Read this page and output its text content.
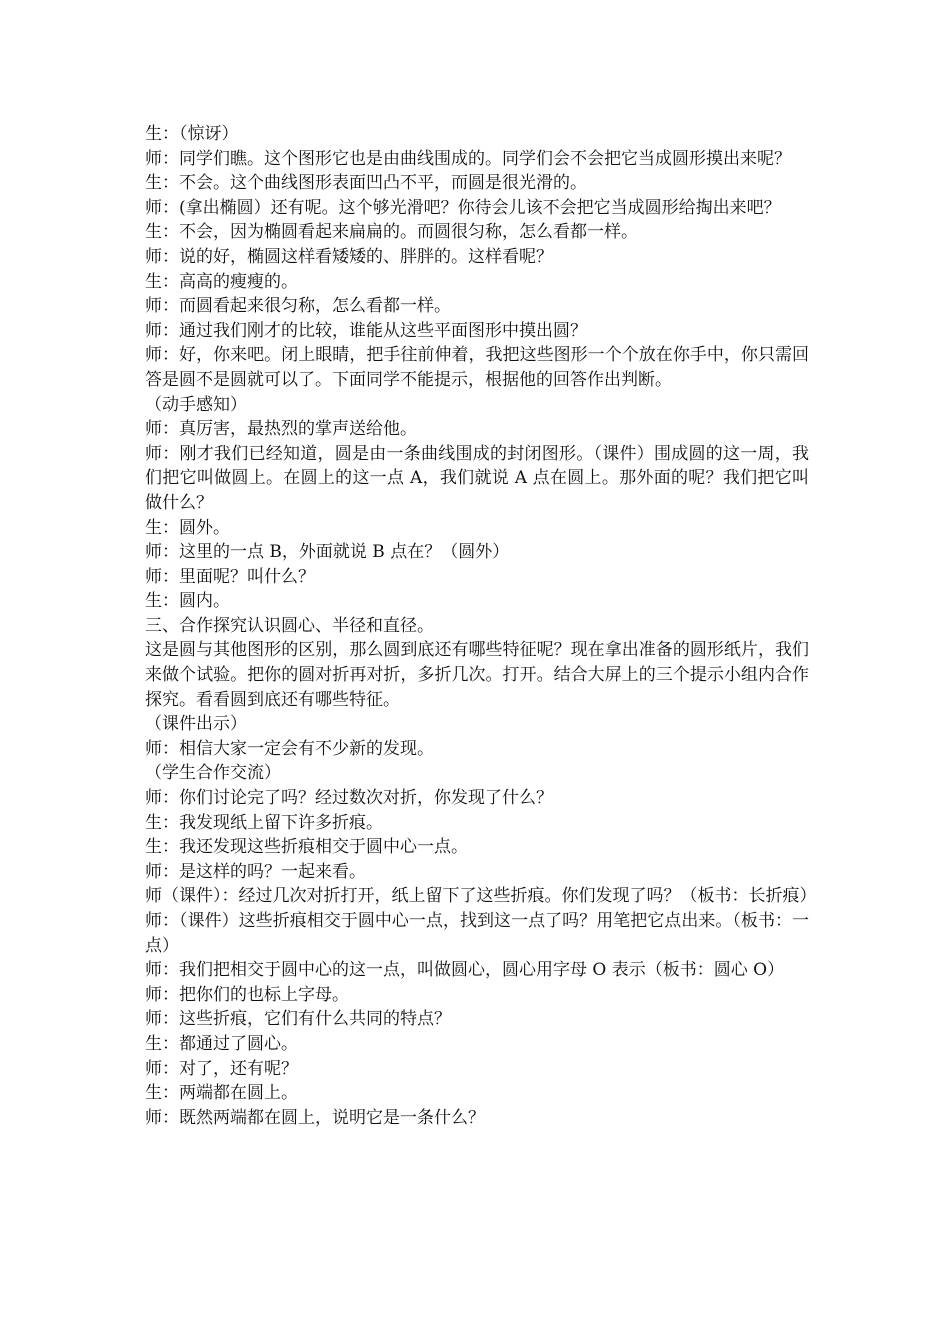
生：（惊讶）

师：同学们瞧。这个图形它也是由曲线围成的。同学们会不会把它当成圆形摸出来呢？

生：不会。这个曲线图形表面凹凸不平，而圆是很光滑的。

师：(拿出椭圆）还有呢。这个够光滑吧？你待会儿该不会把它当成圆形给掏出来吧？

生：不会，因为椭圆看起来扁扁的。而圆很匀称，怎么看都一样。

师：说的好，椭圆这样看矮矮的、胖胖的。这样看呢？

生：高高的瘦瘦的。

师：而圆看起来很匀称，怎么看都一样。

师：通过我们刚才的比较，谁能从这些平面图形中摸出圆？

师：好，你来吧。闭上眼睛，把手往前伸着，我把这些图形一个个放在你手中，你只需回答是圆不是圆就可以了。下面同学不能提示，根据他的回答作出判断。

（动手感知）

师：真厉害，最热烈的掌声送给他。

师：刚才我们已经知道，圆是由一条曲线围成的封闭图形。（课件）围成圆的这一周，我们把它叫做圆上。在圆上的这一点 A，我们就说 A 点在圆上。那外面的呢？我们把它叫做什么？

生：圆外。

师：这里的一点 B，外面就说 B 点在？（圆外）

师：里面呢？叫什么？

生：圆内。

三、合作探究认识圆心、半径和直径。

这是圆与其他图形的区别，那么圆到底还有哪些特征呢？现在拿出准备的圆形纸片，我们来做个试验。把你的圆对折再对折，多折几次。打开。结合大屏上的三个提示小组内合作探究。看看圆到底还有哪些特征。

（课件出示）

师：相信大家一定会有不少新的发现。

（学生合作交流）

师：你们讨论完了吗？经过数次对折，你发现了什么？

生：我发现纸上留下许多折痕。

生：我还发现这些折痕相交于圆中心一点。

师：是这样的吗？一起来看。

师（课件）：经过几次对折打开，纸上留下了这些折痕。你们发现了吗？（板书：长折痕）

师：（课件）这些折痕相交于圆中心一点，找到这一点了吗？用笔把它点出来。（板书：一点）

师：我们把相交于圆中心的这一点，叫做圆心，圆心用字母 O 表示（板书：圆心 O）

师：把你们的也标上字母。

师：这些折痕，它们有什么共同的特点？

生：都通过了圆心。

师：对了，还有呢？

生：两端都在圆上。

师：既然两端都在圆上，说明它是一条什么？
